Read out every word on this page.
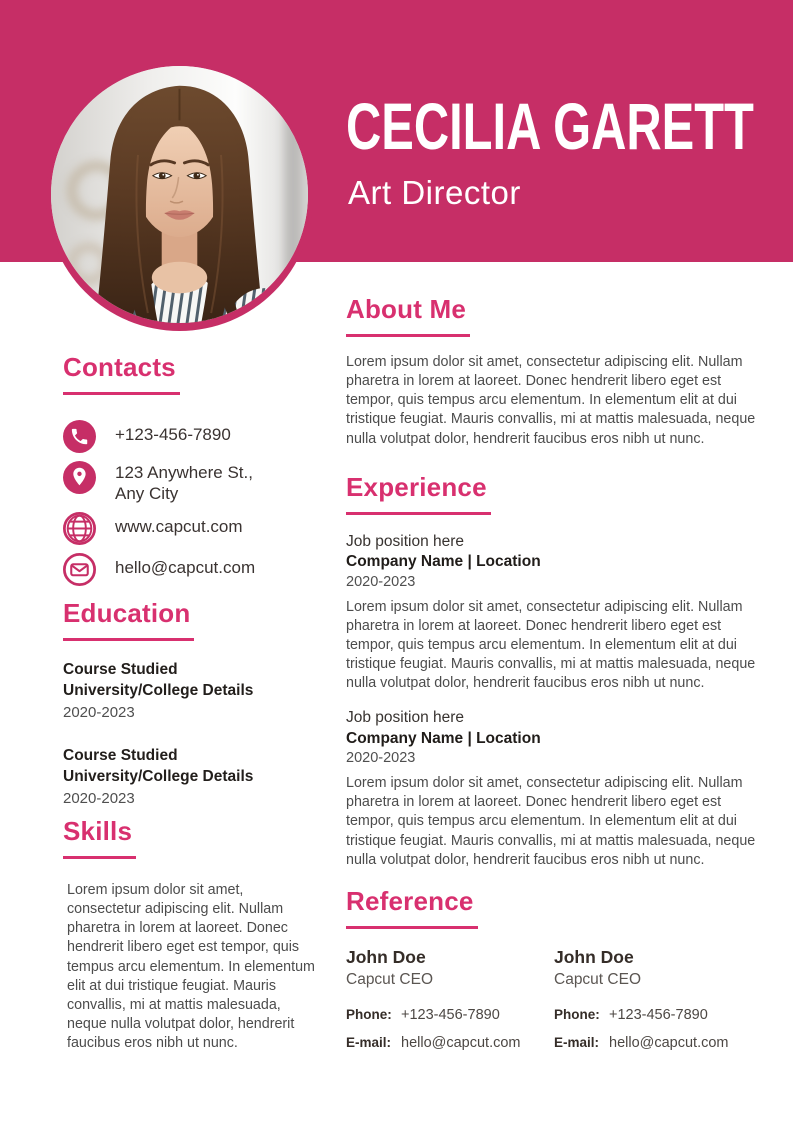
CECILIA GARETT
Art Director
Contacts
+123-456-7890
123 Anywhere St.,
Any City
www.capcut.com
hello@capcut.com
Education
Course Studied
University/College Details
2020-2023
Course Studied
University/College Details
2020-2023
Skills
Lorem ipsum dolor sit amet, consectetur adipiscing elit. Nullam pharetra in lorem at laoreet. Donec hendrerit libero eget est tempor, quis tempus arcu elementum. In elementum elit at dui tristique feugiat. Mauris convallis, mi at mattis malesuada, neque nulla volutpat dolor, hendrerit faucibus eros nibh ut nunc.
About Me
Lorem ipsum dolor sit amet, consectetur adipiscing elit. Nullam pharetra in lorem at laoreet. Donec hendrerit libero eget est tempor, quis tempus arcu elementum. In elementum elit at dui tristique feugiat. Mauris convallis, mi at mattis malesuada, neque nulla volutpat dolor, hendrerit faucibus eros nibh ut nunc.
Experience
Job position here
Company Name | Location
2020-2023
Lorem ipsum dolor sit amet, consectetur adipiscing elit. Nullam pharetra in lorem at laoreet. Donec hendrerit libero eget est tempor, quis tempus arcu elementum. In elementum elit at dui tristique feugiat. Mauris convallis, mi at mattis malesuada, neque nulla volutpat dolor, hendrerit faucibus eros nibh ut nunc.
Job position here
Company Name | Location
2020-2023
Lorem ipsum dolor sit amet, consectetur adipiscing elit. Nullam pharetra in lorem at laoreet. Donec hendrerit libero eget est tempor, quis tempus arcu elementum. In elementum elit at dui tristique feugiat. Mauris convallis, mi at mattis malesuada, neque nulla volutpat dolor, hendrerit faucibus eros nibh ut nunc.
Reference
John Doe
Capcut CEO
Phone: +123-456-7890
E-mail: hello@capcut.com
John Doe
Capcut CEO
Phone: +123-456-7890
E-mail: hello@capcut.com
